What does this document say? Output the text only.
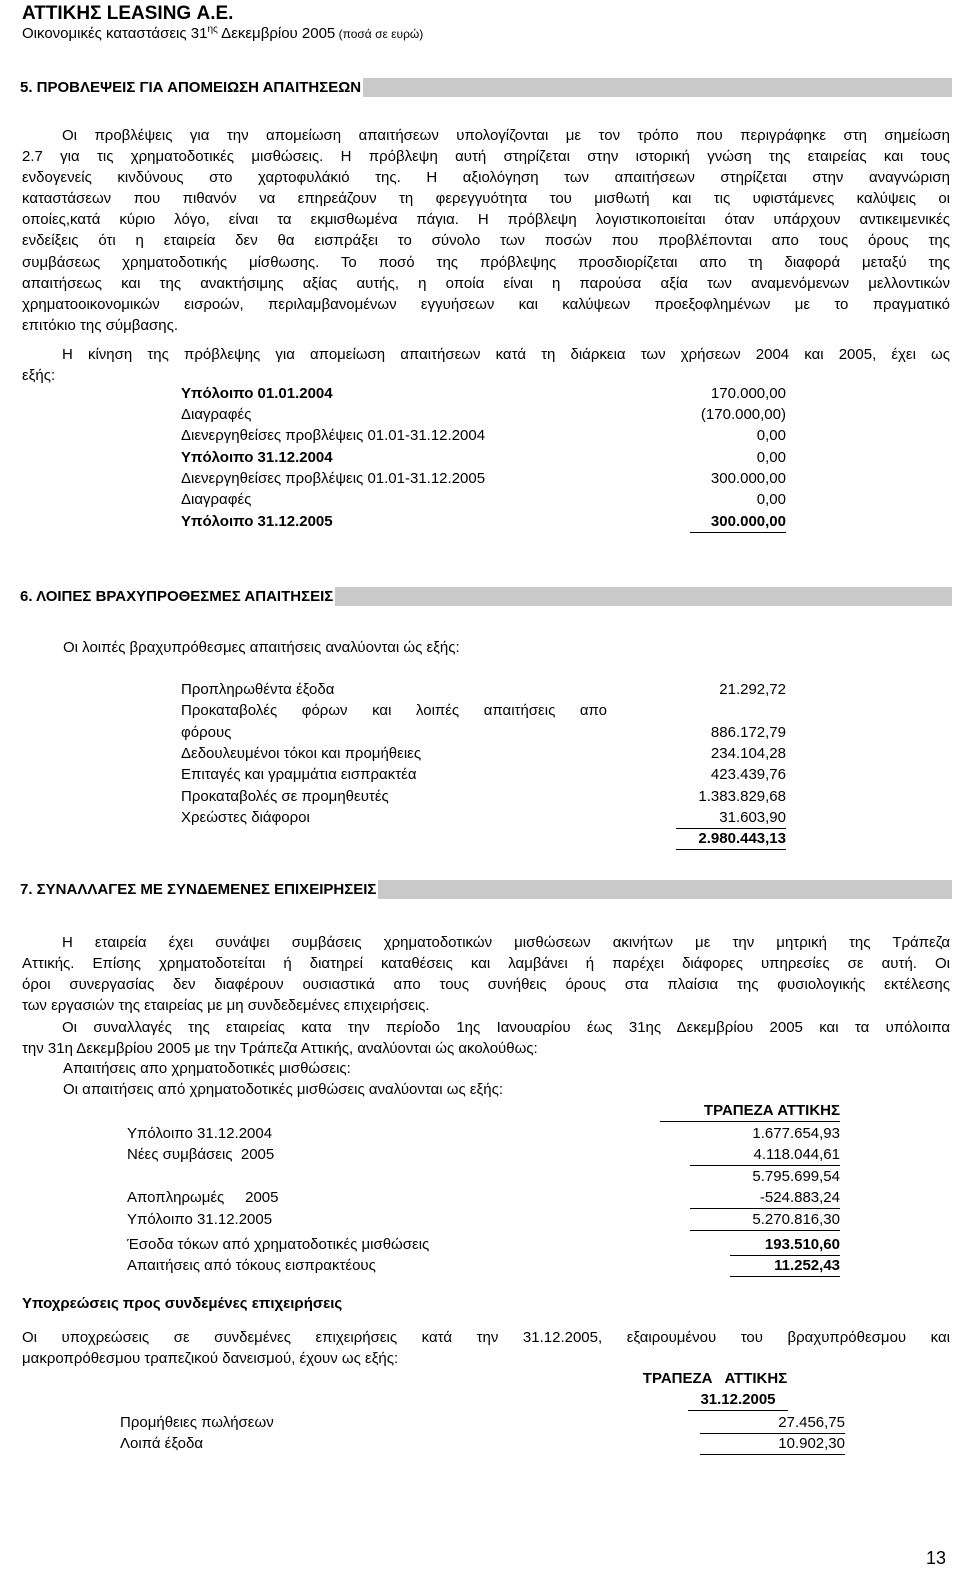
ΑΤΤΙΚΗΣ LEASING Α.Ε.
Οικονομικές καταστάσεις $31^{\eta\varsigma}$ Δεκεμβρίου 2005 (ποσά σε ευρώ)
5. ΠΡΟΒΛΕΨΕΙΣ ΓΙΑ ΑΠΟΜΕΙΩΣΗ ΑΠΑΙΤΗΣΕΩΝ
Οι προβλέψεις για την απομείωση απαιτήσεων υπολογίζονται με τον τρόπο που περιγράφηκε στη σημείωση
2.7 για τις χρηματοδοτικές μισθώσεις. Η πρόβλεψη αυτή στηρίζεται στην ιστορική γνώση της εταιρείας και τους
ενδογενείς κινδύνους στο χαρτοφυλάκιό της. Η αξιολόγηση των απαιτήσεων στηρίζεται στην αναγνώριση
καταστάσεων που πιθανόν να επηρεάζουν τη φερεγγυότητα του μισθωτή και τις υφιστάμενες καλύψεις οι
οποίες,κατά κύριο λόγο, είναι τα εκμισθωμένα πάγια. Η πρόβλεψη λογιστικοποιείται όταν υπάρχουν αντικειμενικές
ενδείξεις ότι η εταιρεία δεν θα εισπράξει το σύνολο των ποσών που προβλέπονται απο τους όρους της
συμβάσεως χρηματοδοτικής μίσθωσης. Το ποσό της πρόβλεψης προσδιορίζεται απο τη διαφορά μεταξύ της
απαιτήσεως και της ανακτήσιμης αξίας αυτής, η οποία είναι η παρούσα αξία των αναμενόμενων μελλοντικών
χρηματοοικονομικών εισροών, περιλαμβανομένων εγγυήσεων και καλύψεων προεξοφλημένων με το πραγματικό
επιτόκιο της σύμβασης.
Η κίνηση της πρόβλεψης για απομείωση απαιτήσεων κατά τη διάρκεια των χρήσεων 2004 και 2005, έχει ως
εξής:
Υπόλοιπο 01.01.2004	170.000,00
Διαγραφές	(170.000,00)
Διενεργηθείσες προβλέψεις 01.01-31.12.2004	0,00
Υπόλοιπο 31.12.2004	0,00
Διενεργηθείσες προβλέψεις 01.01-31.12.2005	300.000,00
Διαγραφές	0,00
Υπόλοιπο 31.12.2005	300.000,00
6. ΛΟΙΠΕΣ ΒΡΑΧΥΠΡΟΘΕΣΜΕΣ ΑΠΑΙΤΗΣΕΙΣ
Οι λοιπές βραχυπρόθεσμες απαιτήσεις αναλύονται ώς εξής:
Προπληρωθέντα έξοδα	21.292,72
Προκαταβολές φόρων και λοιπές απαιτήσεις απο
φόρους	886.172,79
Δεδουλευμένοι τόκοι και προμήθειες	234.104,28
Επιταγές και γραμμάτια εισπρακτέα	423.439,76
Προκαταβολές σε προμηθευτές	1.383.829,68
Χρεώστες διάφοροι	31.603,90
2.980.443,13
7. ΣΥΝΑΛΛΑΓΕΣ ΜΕ ΣΥΝΔΕΜΕΝΕΣ ΕΠΙΧΕΙΡΗΣΕΙΣ
Η εταιρεία έχει συνάψει συμβάσεις χρηματοδοτικών μισθώσεων ακινήτων με την μητρική της Τράπεζα
Αττικής. Επίσης χρηματοδοτείται ή διατηρεί καταθέσεις και λαμβάνει ή παρέχει διάφορες υπηρεσίες σε αυτή. Οι
όροι συνεργασίας δεν διαφέρουν ουσιαστικά απο τους συνήθεις όρους στα πλαίσια της φυσιολογικής εκτέλεσης
των εργασιών της εταιρείας με μη συνδεδεμένες επιχειρήσεις.
Οι συναλλαγές της εταιρείας κατα την περίοδο 1ης Ιανουαρίου έως 31ης Δεκεμβρίου 2005 και τα υπόλοιπα
την 31η Δεκεμβρίου 2005 με την Τράπεζα Αττικής, αναλύονται ώς ακολούθως:
Απαιτήσεις απο χρηματοδοτικές μισθώσεις:
Οι απαιτήσεις από χρηματοδοτικές μισθώσεις αναλύονται ως εξής:
ΤΡΑΠΕΖΑ ΑΤΤΙΚΗΣ
Υπόλοιπο 31.12.2004	1.677.654,93
Νέες συμβάσεις  2005	4.118.044,61
5.795.699,54
Αποπληρωμές     2005	-524.883,24
Υπόλοιπο 31.12.2005	5.270.816,30
Έσοδα τόκων από χρηματοδοτικές μισθώσεις	193.510,60
Απαιτήσεις από τόκους εισπρακτέους	11.252,43
Υποχρεώσεις προς συνδεμένες επιχειρήσεις
Οι υποχρεώσεις σε συνδεμένες επιχειρήσεις κατά την 31.12.2005, εξαιρουμένου του βραχυπρόθεσμου και
μακροπρόθεσμου τραπεζικού δανεισμού, έχουν ως εξής:
ΤΡΑΠΕΖΑ   ΑΤΤΙΚΗΣ
31.12.2005
Προμήθειες πωλήσεων	27.456,75
Λοιπά έξοδα	10.902,30
13
